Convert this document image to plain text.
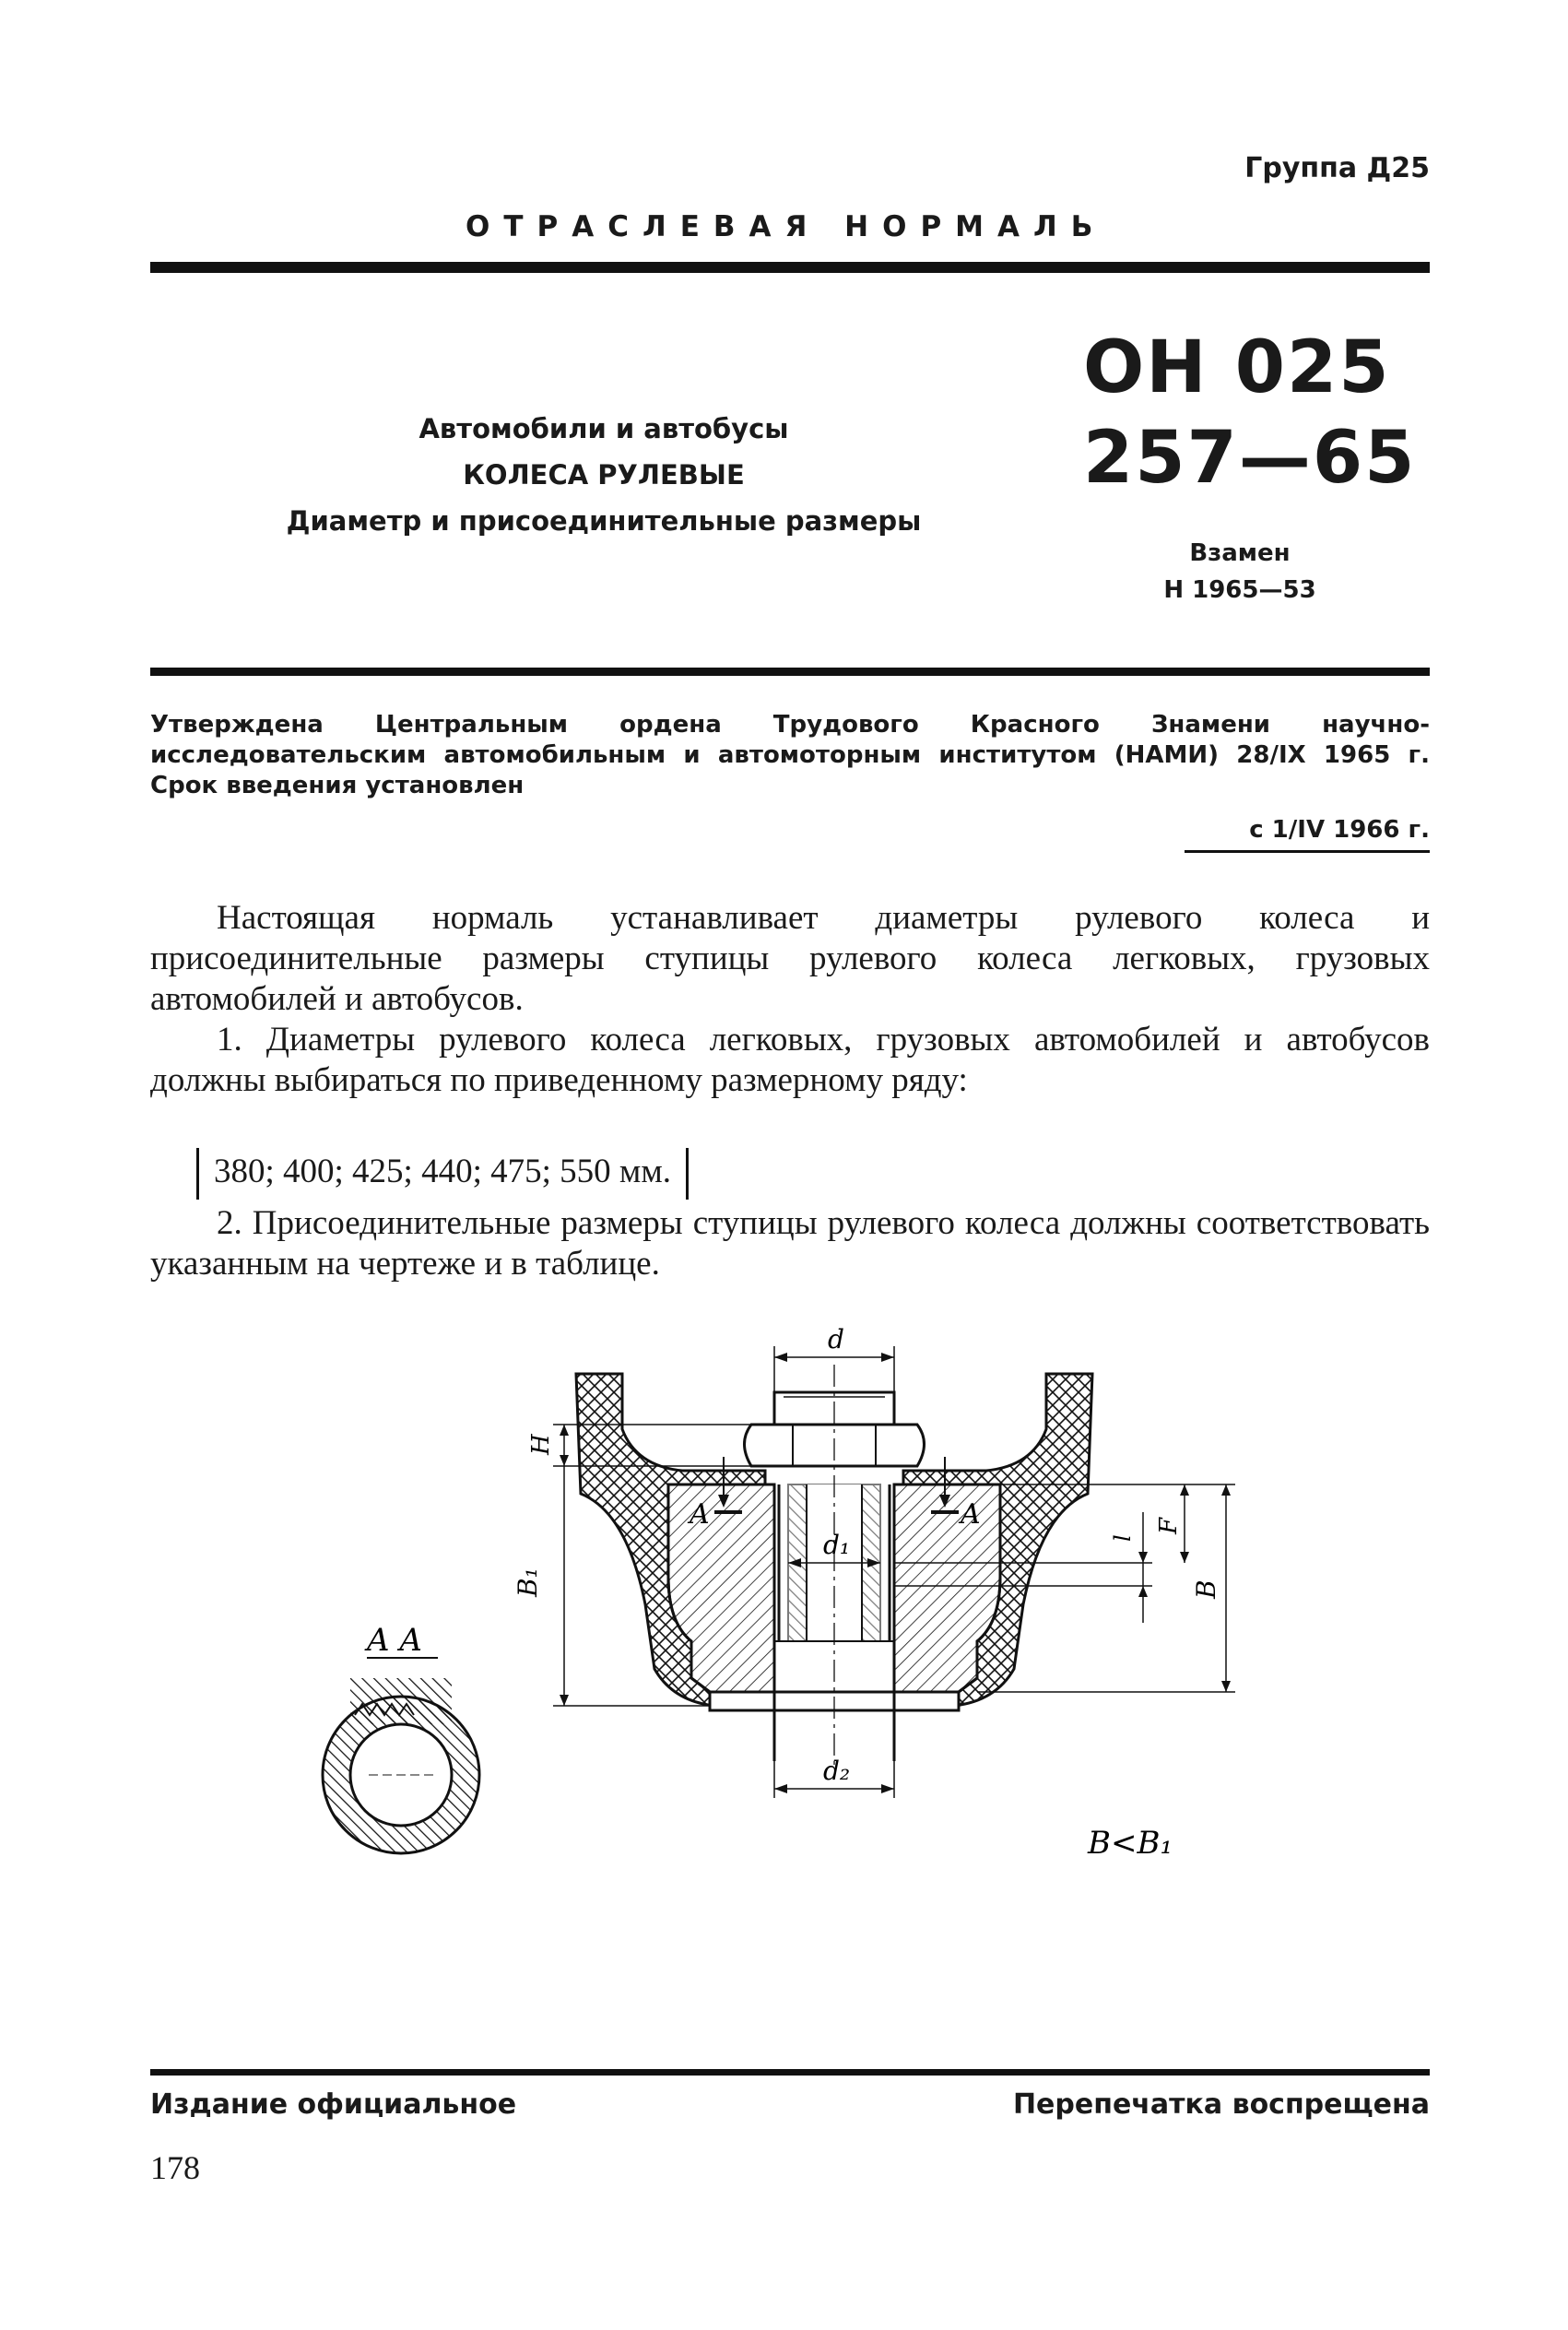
Группа Д25
ОТРАСЛЕВАЯ НОРМАЛЬ
Автомобили и автобусы
КОЛЕСА РУЛЕВЫЕ
Диаметр и присоединительные размеры
ОН 025
257—65
Взамен
Н 1965—53
Утверждена Центральным ордена Трудового Красного Знамени научно-исследовательским автомобильным и автомоторным институтом (НАМИ) 28/IX 1965 г. Срок введения установлен
с 1/IV 1966 г.
Настоящая нормаль устанавливает диаметры рулевого колеса и присоединительные размеры ступицы рулевого колеса легковых, грузовых автомобилей и автобусов.
1. Диаметры рулевого колеса легковых, грузовых автомобилей и автобусов должны выбираться по приведенному размерному ряду:
380; 400; 425; 440; 475; 550 мм.
2. Присоединительные размеры ступицы рулевого колеса должны соответствовать указанным на чертеже и в таблице.
d
d₁
d₂
H
B₁
A	A
l
F
B
A A
B<B₁
Издание официальное	Перепечатка воспрещена
178
